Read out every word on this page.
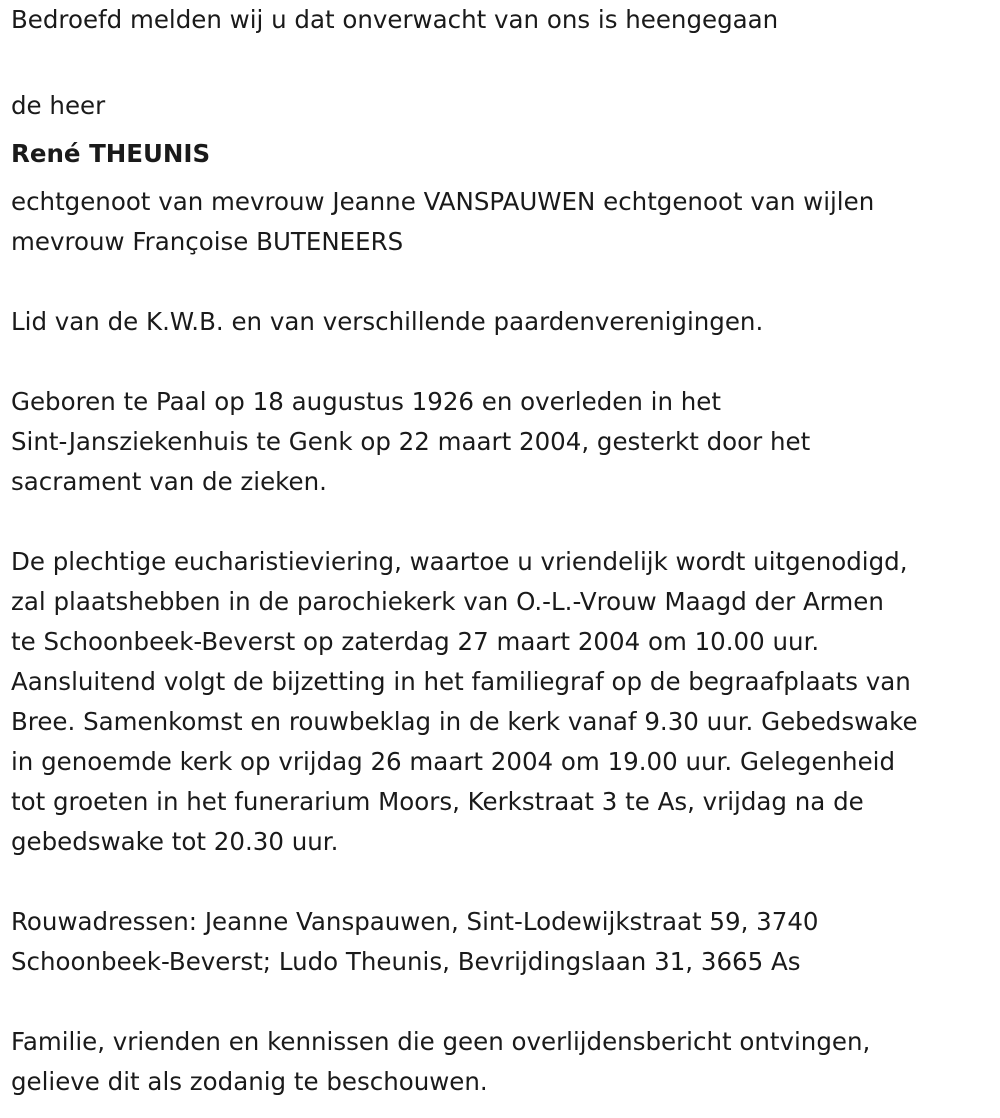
Bedroefd melden wij u dat onverwacht van ons is heengegaan
de heer
René THEUNIS
echtgenoot van mevrouw Jeanne VANSPAUWEN echtgenoot van wijlen
mevrouw Françoise BUTENEERS
Lid van de K.W.B. en van verschillende paardenverenigingen.
Geboren te Paal op 18 augustus 1926 en overleden in het
Sint-Jansziekenhuis te Genk op 22 maart 2004, gesterkt door het
sacrament van de zieken.
De plechtige eucharistieviering, waartoe u vriendelijk wordt uitgenodigd,
zal plaatshebben in de parochiekerk van O.-L.-Vrouw Maagd der Armen
te Schoonbeek-Beverst op zaterdag 27 maart 2004 om 10.00 uur.
Aansluitend volgt de bijzetting in het familiegraf op de begraafplaats van
Bree. Samenkomst en rouwbeklag in de kerk vanaf 9.30 uur. Gebedswake
in genoemde kerk op vrijdag 26 maart 2004 om 19.00 uur. Gelegenheid
tot groeten in het funerarium Moors, Kerkstraat 3 te As, vrijdag na de
gebedswake tot 20.30 uur.
Rouwadressen: Jeanne Vanspauwen, Sint-Lodewijkstraat 59, 3740
Schoonbeek-Beverst; Ludo Theunis, Bevrijdingslaan 31, 3665 As
Familie, vrienden en kennissen die geen overlijdensbericht ontvingen,
gelieve dit als zodanig te beschouwen.
